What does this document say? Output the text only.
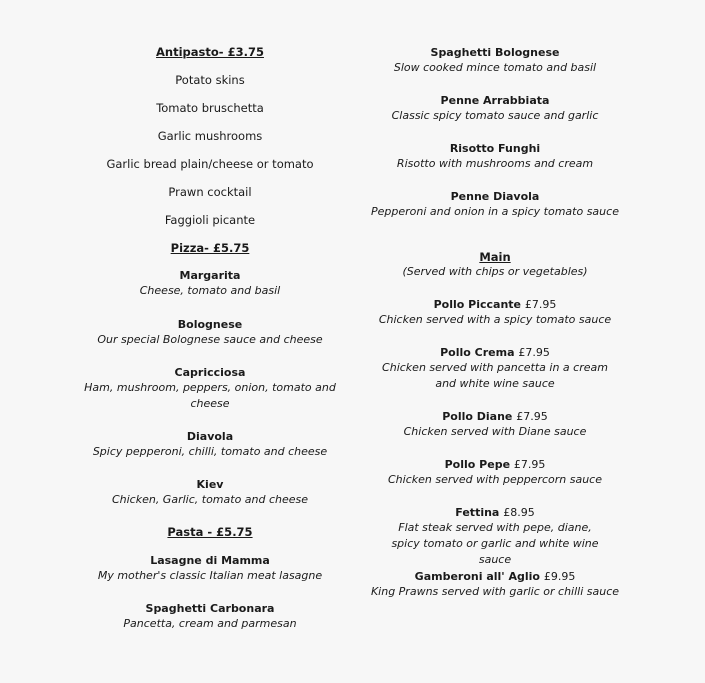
Antipasto- £3.75
Potato skins
Tomato bruschetta
Garlic mushrooms
Garlic bread plain/cheese or tomato
Prawn cocktail
Faggioli picante
Pizza- £5.75
Margarita
Cheese, tomato and basil
Bolognese
Our special Bolognese sauce and cheese
Capricciosa
Ham, mushroom, peppers, onion, tomato and cheese
Diavola
Spicy pepperoni, chilli, tomato and cheese
Kiev
Chicken, Garlic, tomato and cheese
Pasta - £5.75
Lasagne di Mamma
My mother's classic Italian meat lasagne
Spaghetti Carbonara
Pancetta, cream and parmesan
Spaghetti Bolognese
Slow cooked mince tomato and basil
Penne Arrabbiata
Classic spicy tomato sauce and garlic
Risotto Funghi
Risotto with mushrooms and cream
Penne Diavola
Pepperoni and onion in a spicy tomato sauce
Main
(Served with chips or vegetables)
Pollo Piccante £7.95
Chicken served with a spicy tomato sauce
Pollo Crema £7.95
Chicken served with pancetta in a cream and white wine sauce
Pollo Diane £7.95
Chicken served with Diane sauce
Pollo Pepe £7.95
Chicken served with peppercorn sauce
Fettina £8.95
Flat steak served with pepe, diane, spicy tomato or garlic and white wine sauce
Gamberoni all' Aglio £9.95
King Prawns served with garlic or chilli sauce
